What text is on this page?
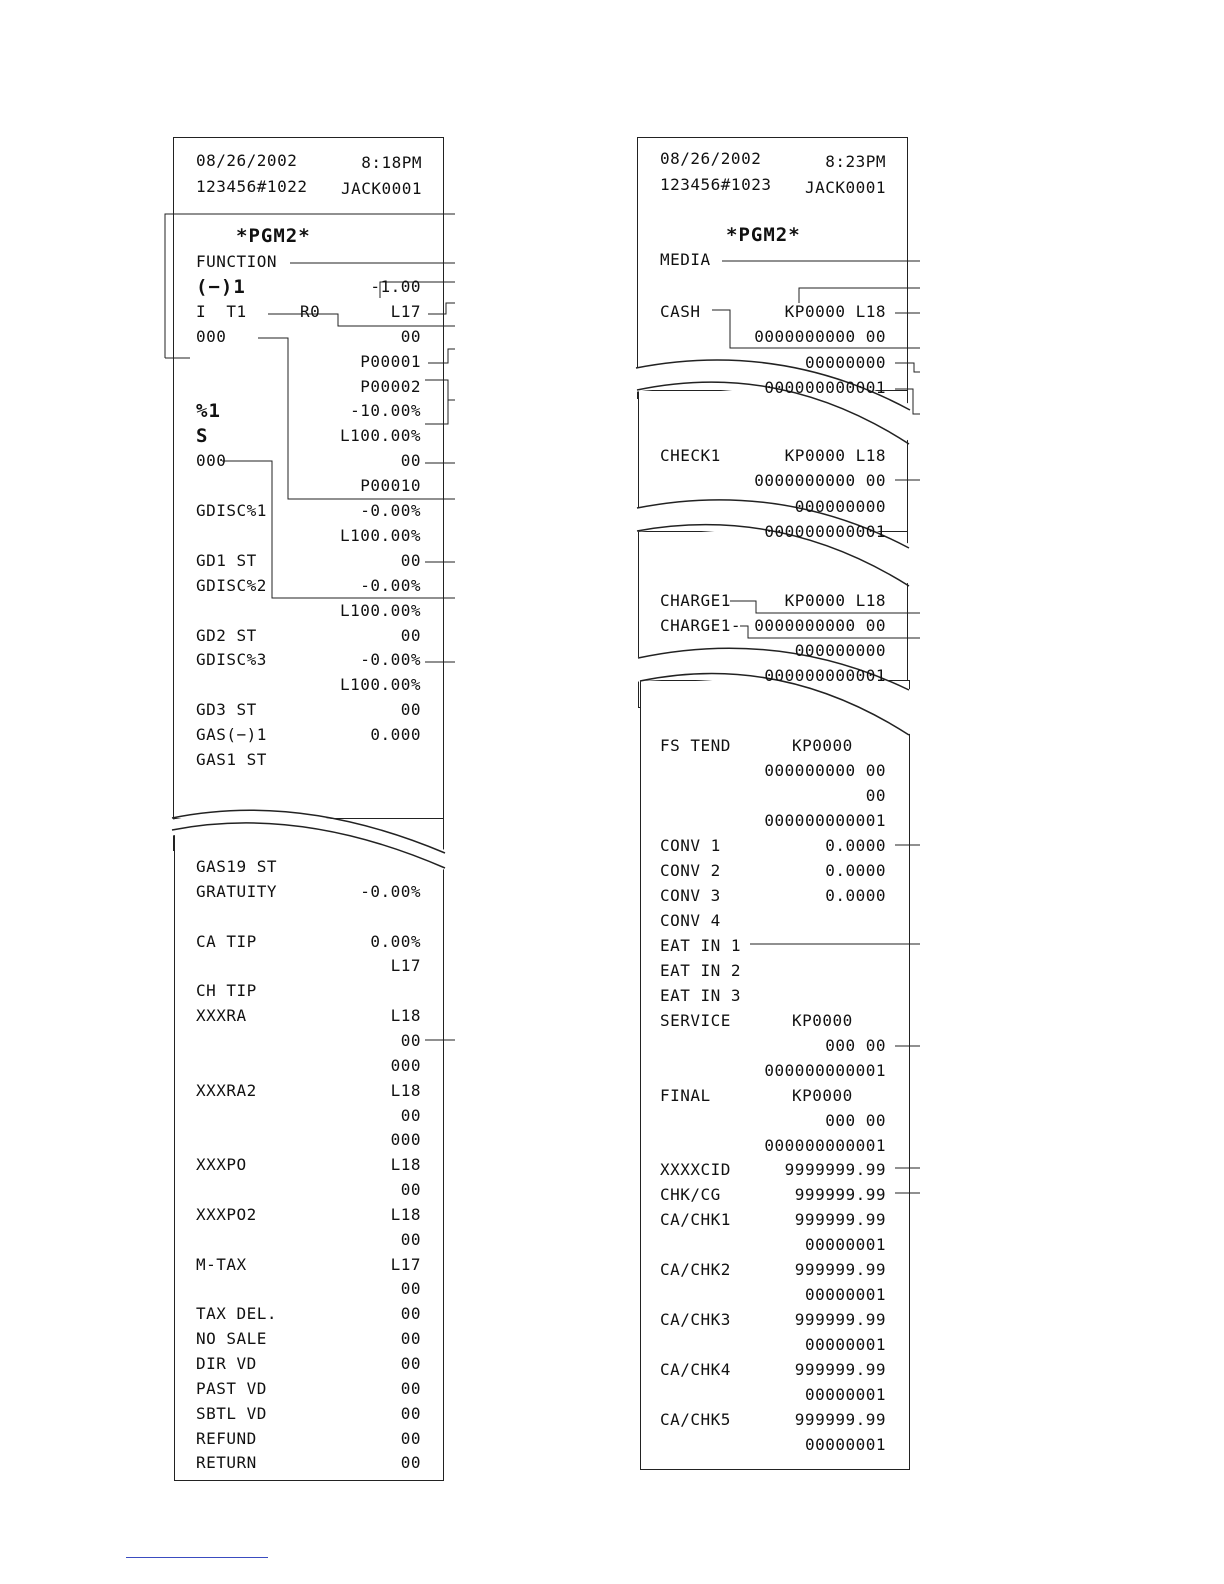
08/26/2002	8:18PM
123456#1022	JACK0001
*PGM2*
FUNCTION
(−)1	-1.00
I  T1	R0	L17
000	00
P00001
P00002
%1	-10.00%
S	L100.00%
000	00
P00010
GDISC%1	-0.00%
L100.00%
GD1 ST	00
GDISC%2	-0.00%
L100.00%
GD2 ST	00
GDISC%3	-0.00%
L100.00%
GD3 ST	00
GAS(−)1	0.000
GAS1 ST
GAS19 ST
GRATUITY	-0.00%
CA TIP	0.00%
L17
CH TIP
XXXRA	L18
00
000
XXXRA2	L18
00
000
XXXPO	L18
00
XXXPO2	L18
00
M-TAX	L17
00
TAX DEL.	00
NO SALE	00
DIR VD	00
PAST VD	00
SBTL VD	00
REFUND	00
RETURN	00
08/26/2002	8:23PM
123456#1023	JACK0001
*PGM2*
MEDIA
CASH	KP0000 L18
0000000000 00
00000000
000000000001
CHECK1	KP0000 L18
0000000000 00
000000000
000000000001
CHARGE1	KP0000 L18
CHARGE1- 0000000000 00
000000000
000000000001
FS TEND	KP0000
000000000 00
00
000000000001
CONV 1	0.0000
CONV 2	0.0000
CONV 3	0.0000
CONV 4
EAT IN 1
EAT IN 2
EAT IN 3
SERVICE	KP0000
000 00
000000000001
FINAL	KP0000
000 00
000000000001
XXXXCID	9999999.99
CHK/CG	999999.99
CA/CHK1	999999.99
00000001
CA/CHK2	999999.99
00000001
CA/CHK3	999999.99
00000001
CA/CHK4	999999.99
00000001
CA/CHK5	999999.99
00000001
